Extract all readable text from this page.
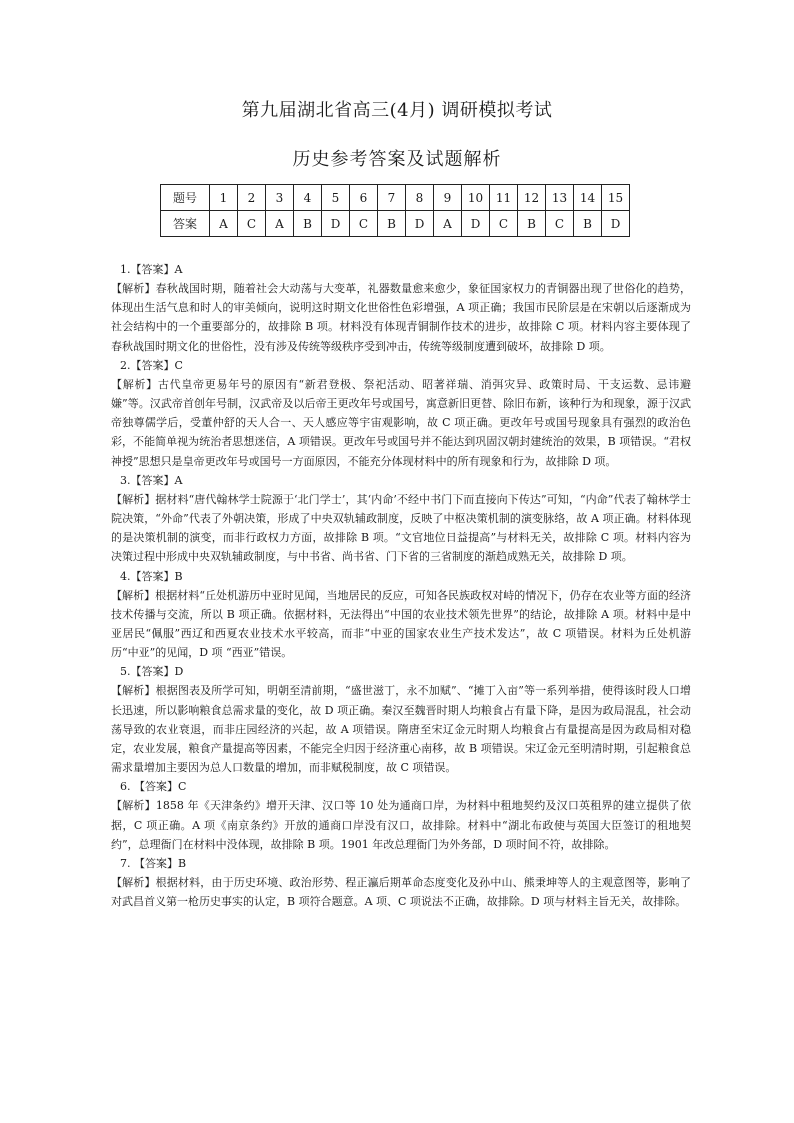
第九届湖北省高三(4月) 调研模拟考试
历史参考答案及试题解析
题号	1	2	3	4	5	6	7	8	9	10	11	12	13	14	15
答案	A	C	A	B	D	C	B	D	A	D	C	B	C	B	D

1.【答案】A

【解析】春秋战国时期，随着社会大动荡与大变革，礼器数量愈来愈少，象征国家权力的青铜器出现了世俗化的趋势，体现出生活气息和时人的审美倾向，说明这时期文化世俗性色彩增强，A 项正确；我国市民阶层是在宋朝以后逐渐成为社会结构中的一个重要部分的，故排除 B 项。材料没有体现青铜制作技术的进步，故排除 C 项。材料内容主要体现了春秋战国时期文化的世俗性，没有涉及传统等级秩序受到冲击，传统等级制度遭到破坏，故排除 D 项。

2.【答案】C

【解析】古代皇帝更易年号的原因有“新君登极、祭祀活动、昭著祥瑞、消弭灾异、政策时局、干支运数、忌讳避嫌”等。汉武帝首创年号制，汉武帝及以后帝王更改年号或国号，寓意新旧更替、除旧布新，该种行为和现象，源于汉武帝独尊儒学后，受董仲舒的天人合一、天人感应等宇宙观影响，故 C 项正确。更改年号或国号现象具有强烈的政治色彩，不能简单视为统治者思想迷信，A 项错误。更改年号或国号并不能达到巩固汉朝封建统治的效果，B 项错误。“君权神授”思想只是皇帝更改年号或国号一方面原因，不能充分体现材料中的所有现象和行为，故排除 D 项。

3.【答案】A

【解析】据材料“唐代翰林学士院源于‘北门学士’，其‘内命’不经中书门下而直接向下传达”可知，“内命”代表了翰林学士院决策，“外命”代表了外朝决策，形成了中央双轨辅政制度，反映了中枢决策机制的演变脉络，故 A 项正确。材料体现的是决策机制的演变，而非行政权力方面，故排除 B 项。“文官地位日益提高”与材料无关，故排除 C 项。材料内容为决策过程中形成中央双轨辅政制度，与中书省、尚书省、门下省的三省制度的渐趋成熟无关，故排除 D 项。

4.【答案】B

【解析】根据材料“丘处机游历中亚时见闻，当地居民的反应，可知各民族政权对峙的情况下，仍存在农业等方面的经济技术传播与交流，所以 B 项正确。依据材料，无法得出“中国的农业技术领先世界”的结论，故排除 A 项。材料中是中亚居民“佩服”西辽和西夏农业技术水平较高，而非“中亚的国家农业生产技术发达”，故 C 项错误。材料为丘处机游历“中亚”的见闻，D 项 “西亚”错误。

5.【答案】D

【解析】根据图表及所学可知，明朝至清前期，“盛世滋丁，永不加赋”、“摊丁入亩”等一系列举措，使得该时段人口增长迅速，所以影响粮食总需求量的变化，故 D 项正确。秦汉至魏晋时期人均粮食占有量下降，是因为政局混乱，社会动荡导致的农业衰退，而非庄园经济的兴起，故 A 项错误。隋唐至宋辽金元时期人均粮食占有量提高是因为政局相对稳定，农业发展，粮食产量提高等因素，不能完全归因于经济重心南移，故 B 项错误。宋辽金元至明清时期，引起粮食总需求量增加主要因为总人口数量的增加，而非赋税制度，故 C 项错误。

6. 【答案】C

【解析】1858 年《天津条约》增开天津、汉口等 10 处为通商口岸，为材料中租地契约及汉口英租界的建立提供了依据，C 项正确。A 项《南京条约》开放的通商口岸没有汉口，故排除。材料中“湖北布政使与英国大臣签订的租地契约”，总理衙门在材料中没体现，故排除 B 项。1901 年改总理衙门为外务部，D 项时间不符，故排除。

7. 【答案】B

【解析】根据材料，由于历史环境、政治形势、程正瀛后期革命态度变化及孙中山、熊秉坤等人的主观意图等，影响了对武昌首义第一枪历史事实的认定，B 项符合题意。A 项、C 项说法不正确，故排除。D 项与材料主旨无关，故排除。
